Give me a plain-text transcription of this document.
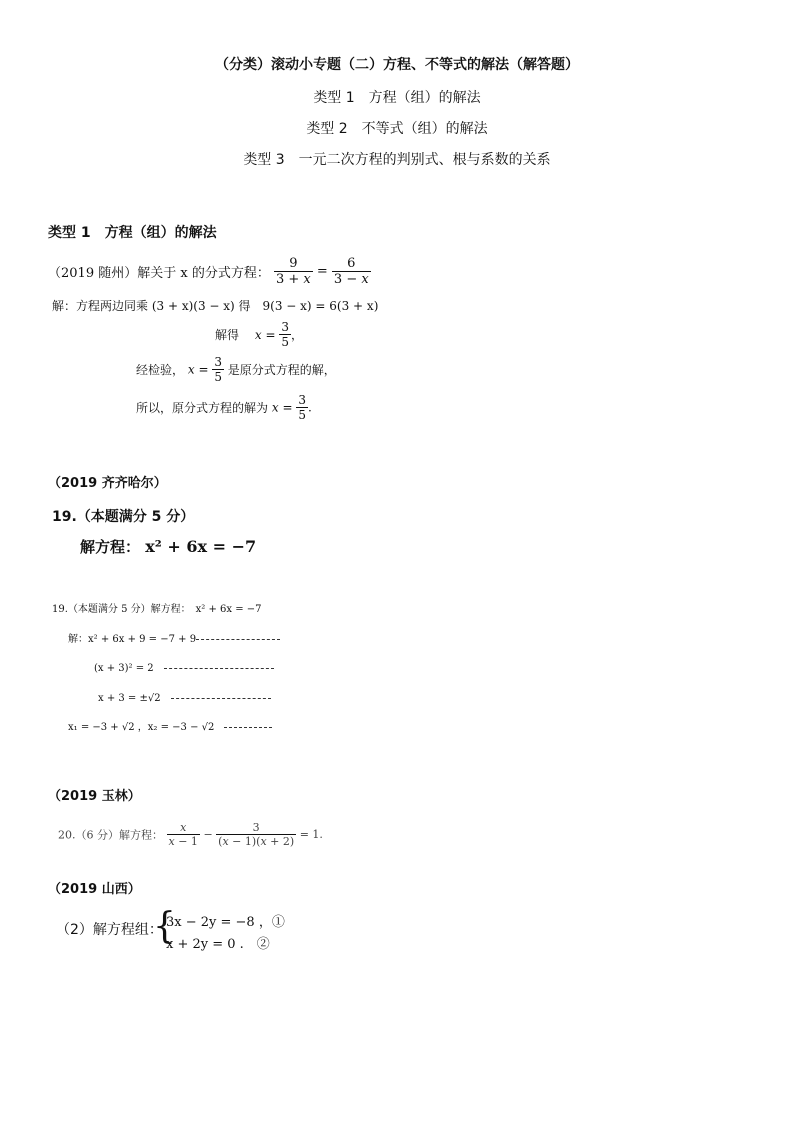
（分类）滚动小专题（二）方程、不等式的解法（解答题）
类型 1　方程（组）的解法
类型 2　不等式（组）的解法
类型 3　一元二次方程的判别式、根与系数的关系
类型 1　方程（组）的解法
（2019 随州）解关于 x 的分式方程： $\frac{9}{3 + x} = \frac{6}{3 - x}$
解：方程两边同乘 (3 + x)(3 − x) 得　9(3 − x) = 6(3 + x)
解得 　 $x = \frac{3}{5}$ ，
经检验， $x = \frac{3}{5}$ 是原分式方程的解，
所以，原分式方程的解为 $x = \frac{3}{5}$ .
（2019 齐齐哈尔）
19.（本题满分 5 分）
解方程： x² + 6x = −7
19.（本题满分 5 分）解方程：　x² + 6x = −7
解：x² + 6x + 9 = −7 + 9
(x + 3)² = 2　
x + 3 = ±√2　
x₁ = −3 + √2 ，x₂ = −3 − √2　
（2019 玉林）
20.（6 分）解方程： $\frac{x}{x - 1} - \frac{3}{(x - 1)(x + 2)} = 1$.
（2019 山西）
（2）解方程组：
{
3x − 2y = −8 ，①
x + 2y = 0 .　②
